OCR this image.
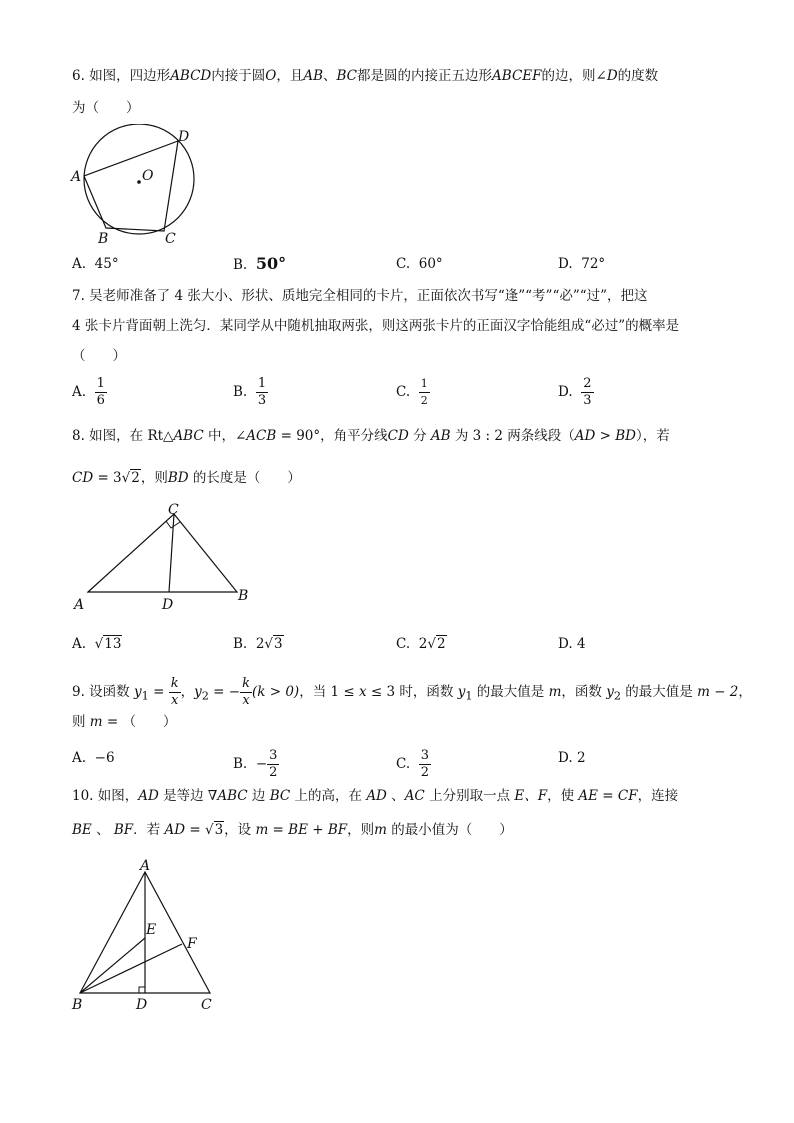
6. 如图，四边形ABCD内接于圆O，且AB、BC都是圆的内接正五边形ABCEF的边，则∠D的度数
为（　　）
A
B	C
D
O
A. 45°	B. 50°	C. 60°	D. 72°
7. 吴老师准备了 4 张大小、形状、质地完全相同的卡片，正面依次书写“逢”“考”“必”“过”，把这
4 张卡片背面朝上洗匀．某同学从中随机抽取两张，则这两张卡片的正面汉字恰能组成“必过”的概率是
（　　）
A. $\frac{1}{6}$	B. $\frac{1}{3}$	C. $\frac{1}{2}$	D. $\frac{2}{3}$
8. 如图，在 Rt△ABC 中，∠ACB = 90°，角平分线CD 分 AB 为 3 : 2 两条线段（AD > BD），若
CD = 3√2，则BD 的长度是（　　）
A
B
C
D
A. √13	B. 2√3	C. 2√2	D. 4
9. 设函数 $y_1 = \frac{k}{x}$ ，$y_2$ = − $\frac{k}{x} (k > 0)$，当 1 ≤ x ≤ 3 时，函数 $y_1$ 的最大值是 m，函数 $y_2$ 的最大值是 m − 2，
则 m = （　　）
A. −6	B. − $\frac{3}{2}$	C. $\frac{3}{2}$	D. 2
10. 如图，AD 是等边 ∇ABC 边 BC 上的高，在 AD 、AC 上分别取一点 E、F，使 AE = CF，连接
BE 、 BF．若 AD = √3，设 m = BE + BF，则m 的最小值为（　　）
A
B	C
D
E
F
